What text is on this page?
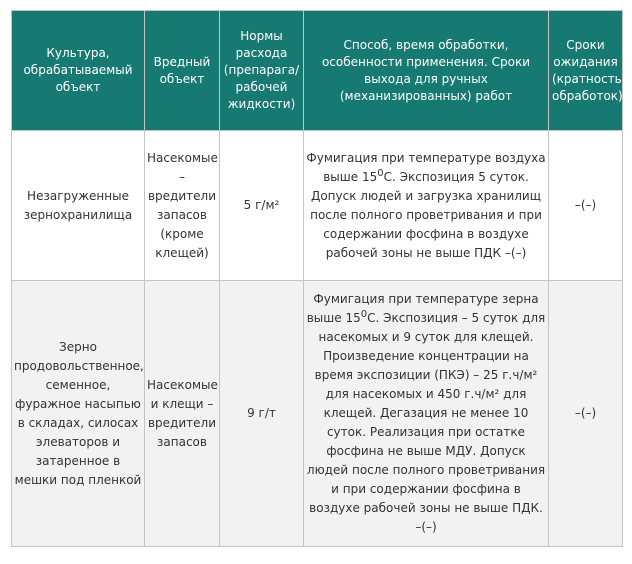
Культура, обрабатываемый объект	Вредный объект	Нормы расхода (препарага/ рабочей жидкости)	Способ, время обработки, особенности применения. Сроки выхода для ручных (механизированных) работ	Сроки ожидания (кратность обработок)
Незагруженные зернохранилища	Насекомые – вредители запасов (кроме клещей)	5 г/м²	Фумигация при температуре воздуха выше $15^0С$. Экспозиция 5 суток. Допуск людей и загрузка хранилищ после полного проветривания и при содержании фосфина в воздухе рабочей зоны не выше ПДК –(–)	–(–)
Зерно продовольственное, семенное, фуражное насыпью в складах, силосах элеваторов и затаренное в мешки под пленкой	Насекомые и клещи – вредители запасов	9 г/т	Фумигация при температуре зерна выше $15^0С$. Экспозиция – 5 суток для насекомых и 9 суток для клещей. Произведение концентрации на время экспозиции (ПКЭ) – 25 г.ч/м² для насекомых и 450 г.ч/м² для клещей. Дегазация не менее 10 суток. Реализация при остатке фосфина не выше МДУ. Допуск людей после полного проветривания и при содержании фосфина в воздухе рабочей зоны не выше ПДК. –(–)	–(–)
